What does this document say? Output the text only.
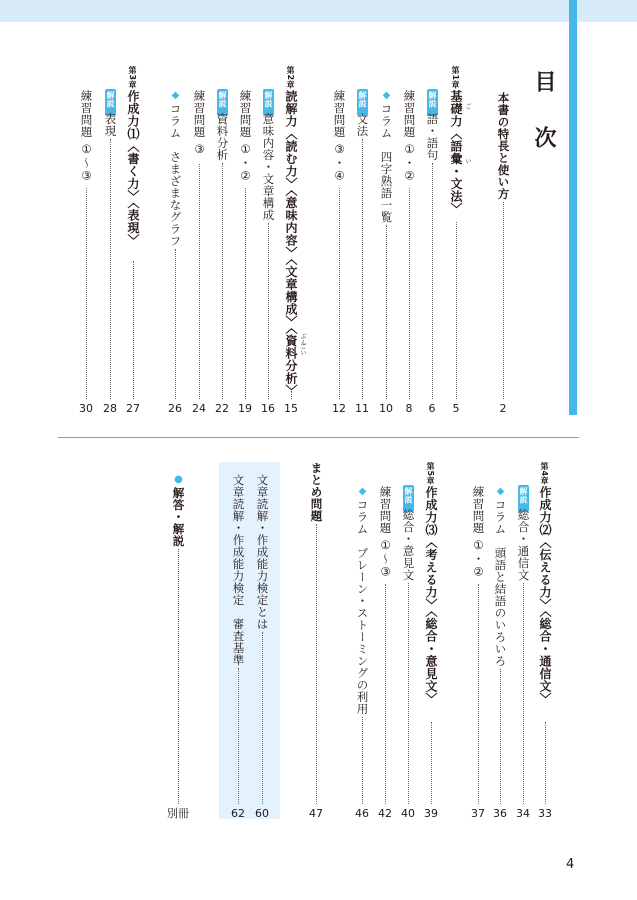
目　次
本書の特長と使い方
2
第1章
基礎力〈語彙・文法〉
5
解説
語・語句
6
練習問題 ①・②
8
◆
コラム　四字熟語一覧
10
解説
文法
11
練習問題 ③・④
12
第2章
読解力〈読む力〉〈意味内容〉〈文章構成〉〈資料分析〉
15
解説
意味内容・文章構成
16
練習問題 ①・②
19
解説
資料分析
22
練習問題 ③
24
◆
コラム　さまざまなグラフ
26
第3章
作成力⑴〈書く力〉〈表現〉
27
解説
表現
28
練習問題 ①〜③
30
第4章
作成力⑵〈伝える力〉〈総合・通信文〉
33
解説
総合・通信文
34
◆
コラム　頭語と結語のいろいろ
36
練習問題 ①・②
37
第5章
作成力⑶〈考える力〉〈総合・意見文〉
39
解説
総合・意見文
40
練習問題 ①〜③
42
◆
コラム　ブレーン・ストーミングの利用
46
まとめ問題
47
文章読解・作成能力検定とは
60
文章読解・作成能力検定　審査基準
62
●
解答・解説
別冊
ご
い
ぶん
ごい
4
